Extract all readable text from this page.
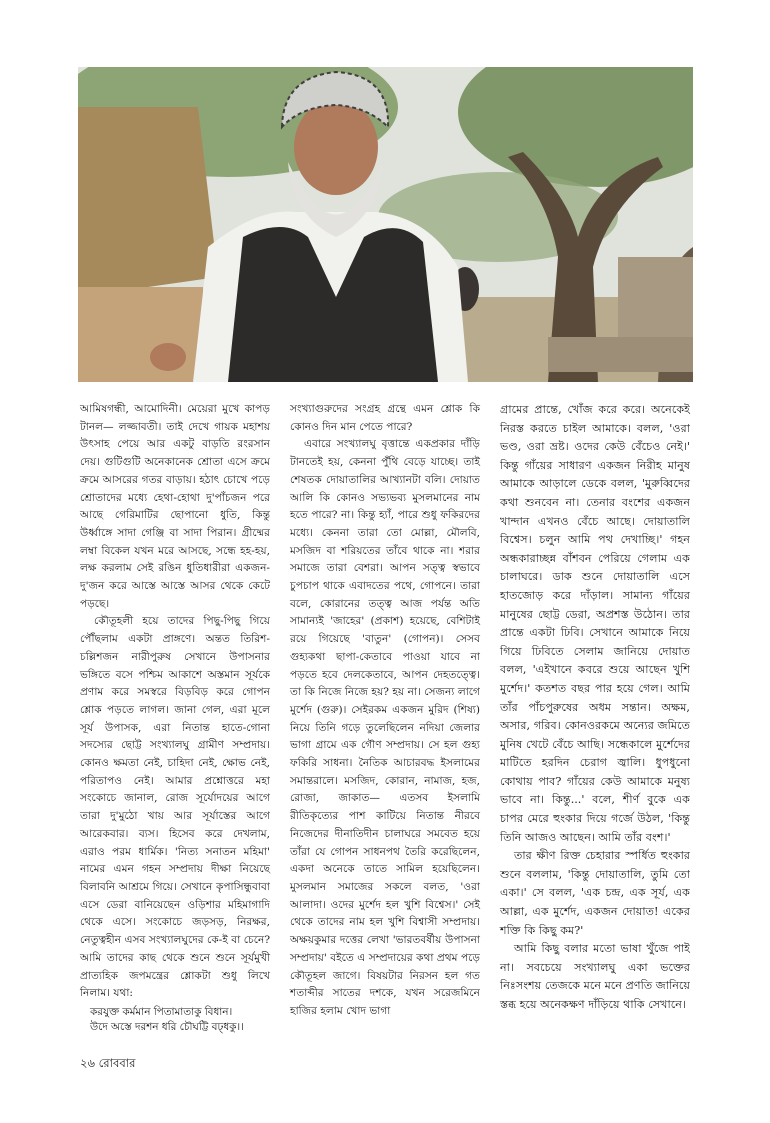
আমিষগন্ধী, আমোদিনী। মেয়েরা মুখে কাপড় টানল— লজ্জাবতী। তাই দেখে গায়ক মহাশয় উৎসাহ পেয়ে আর একটু বাড়তি রংরসান দেয়। গুটিগুটি অনেকানেক শ্রোতা এসে ক্রমে ক্রমে আসরের গতর বাড়ায়। হঠাৎ চোখে পড়ে শ্রোতাদের মধ্যে হেথা-হোথা দু'পাঁচজন পরে আছে গেরিমাটির ছোপানো ধুতি, কিন্তু উর্ধ্বাঙ্গে সাদা গেঞ্জি বা সাদা পিরান। গ্রীষ্মের লম্বা বিকেল যখন মরে আসছে, সন্ধে হহ-হয়, লক্ষ করলাম সেই রঙিন ধুতিধারীরা একজন-দু'জন করে আস্তে আস্তে আসর থেকে কেটে পড়ছে।

কৌতূহলী হয়ে তাদের পিছু-পিছু গিয়ে পৌঁছলাম একটা প্রাঙ্গণে। অন্তত তিরিশ-চল্লিশজন নারীপুরুষ সেখানে উপাসনার ভঙ্গিতে বসে পশ্চিম আকাশে অস্তমান সূর্যকে প্রণাম করে সমস্বরে বিড়বিড় করে গোপন শ্লোক পড়তে লাগল। জানা গেল, এরা মূলে সূর্য উপাসক, এরা নিতান্ত হাতে-গোনা সদস্যের ছোট্ট সংখ্যালঘু গ্রামীণ সম্প্রদায়। কোনও ক্ষমতা নেই, চাহিদা নেই, ক্ষোভ নেই, পরিতাপও নেই। আমার প্রশ্নোত্তরে মহা সংকোচে জানাল, রোজ সূর্যোদয়ের আগে তারা দু'মুঠো খায় আর সূর্যাস্তের আগে আরেকবার। ব্যস। হিসেব করে দেখলাম, এরাও পরম ধার্মিক। 'নিত্য সনাতন মহিমা' নামের এমন গহন সম্প্রদায় দীক্ষা নিয়েছে বিলাবনি আশ্রমে গিয়ে। সেখানে কৃপাসিন্ধুবাবা এসে ডেরা বানিয়েছেন ওড়িশার মহিমাগাদি থেকে এসে। সংকোচে জড়সড়, নিরক্ষর, নেতুত্বহীন এসব সংখ্যালঘুদের কে-ই বা চেনে? আমি তাদের কাছ থেকে শুনে শুনে সূর্যমুখী প্রাত্যহিক জপমন্ত্রের শ্লোকটা শুধু লিখে নিলাম। যথা:

করযুক্ত কর্মমান পিতামাতাকু বিধান।
উদে অস্তে দরশন ধরি চৌঘট্টি বঢ্ধকু।।

সংখ্যাগুরুদের সংগ্রহ গ্রন্থে এমন শ্লোক কি কোনও দিন মান পেতে পারে?

এবারে সংখ্যালঘু বৃত্তান্তে একপ্রকার দাঁড়ি টানতেই হয়, কেননা পুঁথি বেড়ে যাচ্ছে। তাই শেষতক দোয়াতালির আখ্যানটা বলি। দোয়াত আলি কি কোনও সভ্যভব্য মুসলমানের নাম হতে পারে? না। কিন্তু হ্যাঁ, পারে শুধু ফকিরদের মধ্যে। কেননা তারা তো মোল্লা, মৌলবি, মসজিদ বা শরিয়তের তাঁবে থাকে না। শরার সমাজে তারা বেশরা। আপন সত্ত্ব স্বভাবে চুপচাপ থাকে এবাদতের পথে, গোপনে। তারা বলে, কোরানের তত্ত্ব আজ পর্যন্ত অতি সামান্যই 'জাহের' (প্রকাশ) হয়েছে, বেশিটাই রয়ে গিয়েছে 'বাতুন' (গোপন)। সেসব গুহ্যকথা ছাপা-কেতাবে পাওয়া যাবে না পড়তে হবে দেলকেতাবে, আপন দেহতত্ত্বে। তা কি নিজে নিজে হয়? হয় না। সেজন্য লাগে মুর্শেদ (গুরু)। সেইরকম একজন মুরিদ (শিষ্য) নিয়ে তিনি গড়ে তুলেছিলেন নদিয়া জেলার ভাগা গ্রামে এক গৌণ সম্প্রদায়। সে হল গুহ্য ফকিরি সাধনা। নৈতিক আচারবদ্ধ ইসলামের সমান্তরালে। মসজিদ, কোরান, নামাজ, হজ, রোজা, জাকাত— এতসব ইসলামি রীতিকৃত্যের পাশ কাটিয়ে নিতান্ত নীরবে নিজেদের দীনাতিদীন চালাঘরে সমবেত হয়ে তাঁরা যে গোপন সাধনপথ তৈরি করেছিলেন, একদা অনেকে তাতে সামিল হয়েছিলেন। মুসলমান সমাজের সকলে বলত, 'ওরা আলাদা। ওদের মুর্শেদ হল খুশি বিশ্বেস।' সেই থেকে তাদের নাম হল খুশি বিশ্বাসী সম্প্রদায়। অক্ষয়কুমার দত্তের লেখা 'ভারতবর্ষীয় উপাসনা সম্প্রদায়' বইতে এ সম্প্রদায়ের কথা প্রথম পড়ে কৌতূহল জাগে। বিষয়টার নিরসন হল গত শতাব্দীর সাতের দশকে, যখন সরেজমিনে হাজির হলাম খোদ ভাগা

গ্রামের প্রান্তে, খোঁজ করে করে। অনেকেই নিরস্ত করতে চাইল আমাকে। বলল, 'ওরা ভণ্ড, ওরা ভ্রষ্ট। ওদের কেউ বেঁচেও নেই।' কিন্তু গাঁয়ের সাধারণ একজন নিরীহ মানুষ আমাকে আড়ালে ডেকে বলল, 'মুরুব্বিদের কথা শুনবেন না। তেনার বংশের একজন খান্দান এখনও বেঁচে আছে। দোয়াতালি বিশ্বেস। চলুন আমি পথ দেখাচ্ছি।' গহন অন্ধকারাচ্ছন্ন বাঁশবন পেরিয়ে গেলাম এক চালাঘরে। ডাক শুনে দোয়াতালি এসে হাতজোড় করে দাঁড়াল। সামান্য গাঁয়ের মানুষের ছোট্ট ডেরা, অপ্রশস্ত উঠোন। তার প্রান্তে একটা ঢিবি। সেখানে আমাকে নিয়ে গিয়ে ঢিবিতে সেলাম জানিয়ে দোয়াত বলল, 'এইখানে কবরে শুয়ে আছেন খুশি মুর্শেদ।' কতশত বছর পার হয়ে গেল। আমি তাঁর পাঁচপুরুষের অধম সন্তান। অক্ষম, অসার, গরিব। কোনওরকমে অন্যের জমিতে মুনিষ খেটে বেঁচে আছি। সন্ধেকালে মুর্শেদের মাটিতে হরদিন চেরাগ জ্বালি। ধুপধুনো কোথায় পাব? গাঁয়ের কেউ আমাকে মনুষ্য ভাবে না। কিন্তু...' বলে, শীর্ণ বুকে এক চাপর মেরে হুংকার দিয়ে গর্জে উঠল, 'কিন্তু তিনি আজও আছেন। আমি তাঁর বংশ।'

তার ক্ষীণ রিক্ত চেহারার স্পর্ধিত হুংকার শুনে বললাম, 'কিন্তু দোয়াতালি, তুমি তো একা।' সে বলল, 'এক চন্দ্র, এক সূর্য, এক আল্লা, এক মুর্শেদ, একজন দোয়াত! একের শক্তি কি কিছু কম?'

আমি কিছু বলার মতো ভাষা খুঁজে পাই না। সবচেয়ে সংখ্যালঘু একা ভক্তের নিঃসংশয় তেজকে মনে মনে প্রণতি জানিয়ে স্তব্ধ হয়ে অনেকক্ষণ দাঁড়িয়ে থাকি সেখানে।

২৬ রোববার
